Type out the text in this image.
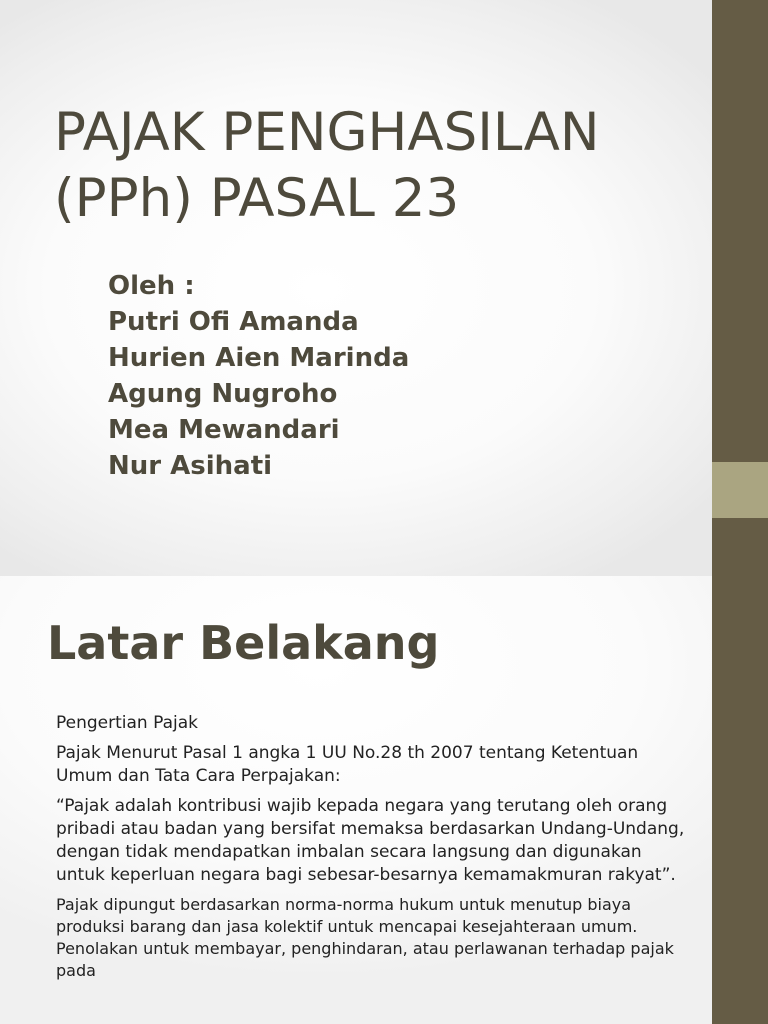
PAJAK PENGHASILAN
(PPh) PASAL 23
Oleh :
Putri Ofi Amanda
Hurien Aien Marinda
Agung Nugroho
Mea Mewandari
Nur Asihati
Latar Belakang

Pengertian Pajak

Pajak Menurut Pasal 1 angka 1 UU No.28 th 2007 tentang Ketentuan Umum dan Tata Cara Perpajakan:

“Pajak adalah kontribusi wajib kepada negara yang terutang oleh orang pribadi atau badan yang bersifat memaksa berdasarkan Undang-Undang, dengan tidak mendapatkan imbalan secara langsung dan digunakan untuk keperluan negara bagi sebesar-besarnya kemamakmuran rakyat”.

Pajak dipungut berdasarkan norma-norma hukum untuk menutup biaya produksi barang dan jasa kolektif untuk mencapai kesejahteraan umum. Penolakan untuk membayar, penghindaran, atau perlawanan terhadap pajak pada
